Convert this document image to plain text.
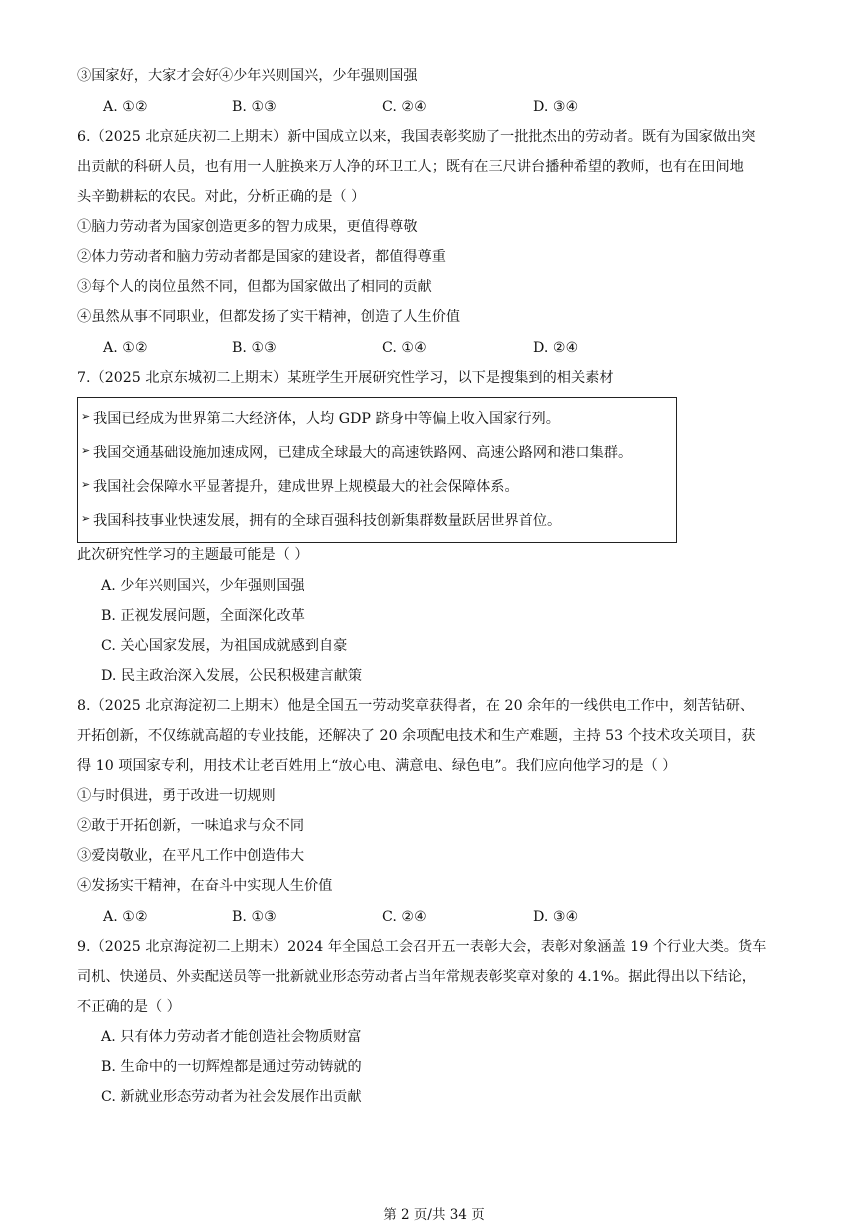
③国家好，大家才会好④少年兴则国兴，少年强则国强
A. ①②	B. ①③	C. ②④	D. ③④
6.（2025 北京延庆初二上期末）新中国成立以来，我国表彰奖励了一批批杰出的劳动者。既有为国家做出突
出贡献的科研人员，也有用一人脏换来万人净的环卫工人；既有在三尺讲台播种希望的教师，也有在田间地
头辛勤耕耘的农民。对此，分析正确的是（ ）
①脑力劳动者为国家创造更多的智力成果，更值得尊敬
②体力劳动者和脑力劳动者都是国家的建设者，都值得尊重
③每个人的岗位虽然不同，但都为国家做出了相同的贡献
④虽然从事不同职业，但都发扬了实干精神，创造了人生价值
A. ①②	B. ①③	C. ①④	D. ②④
7.（2025 北京东城初二上期末）某班学生开展研究性学习，以下是搜集到的相关素材
➢ 我国已经成为世界第二大经济体，人均 GDP 跻身中等偏上收入国家行列。
➢ 我国交通基础设施加速成网，已建成全球最大的高速铁路网、高速公路网和港口集群。
➢ 我国社会保障水平显著提升，建成世界上规模最大的社会保障体系。
➢ 我国科技事业快速发展，拥有的全球百强科技创新集群数量跃居世界首位。
此次研究性学习的主题最可能是（ ）
A. 少年兴则国兴，少年强则国强
B. 正视发展问题，全面深化改革
C. 关心国家发展，为祖国成就感到自豪
D. 民主政治深入发展，公民积极建言献策
8.（2025 北京海淀初二上期末）他是全国五一劳动奖章获得者，在 20 余年的一线供电工作中，刻苦钻研、
开拓创新，不仅练就高超的专业技能，还解决了 20 余项配电技术和生产难题，主持 53 个技术攻关项目，获
得 10 项国家专利，用技术让老百姓用上“放心电、满意电、绿色电”。我们应向他学习的是（ ）
①与时俱进，勇于改进一切规则
②敢于开拓创新，一味追求与众不同
③爱岗敬业，在平凡工作中创造伟大
④发扬实干精神，在奋斗中实现人生价值
A. ①②	B. ①③	C. ②④	D. ③④
9.（2025 北京海淀初二上期末）2024 年全国总工会召开五一表彰大会，表彰对象涵盖 19 个行业大类。货车
司机、快递员、外卖配送员等一批新就业形态劳动者占当年常规表彰奖章对象的 4.1%。据此得出以下结论，
不正确的是（ ）
A. 只有体力劳动者才能创造社会物质财富
B. 生命中的一切辉煌都是通过劳动铸就的
C. 新就业形态劳动者为社会发展作出贡献
第 2 页/共 34 页
